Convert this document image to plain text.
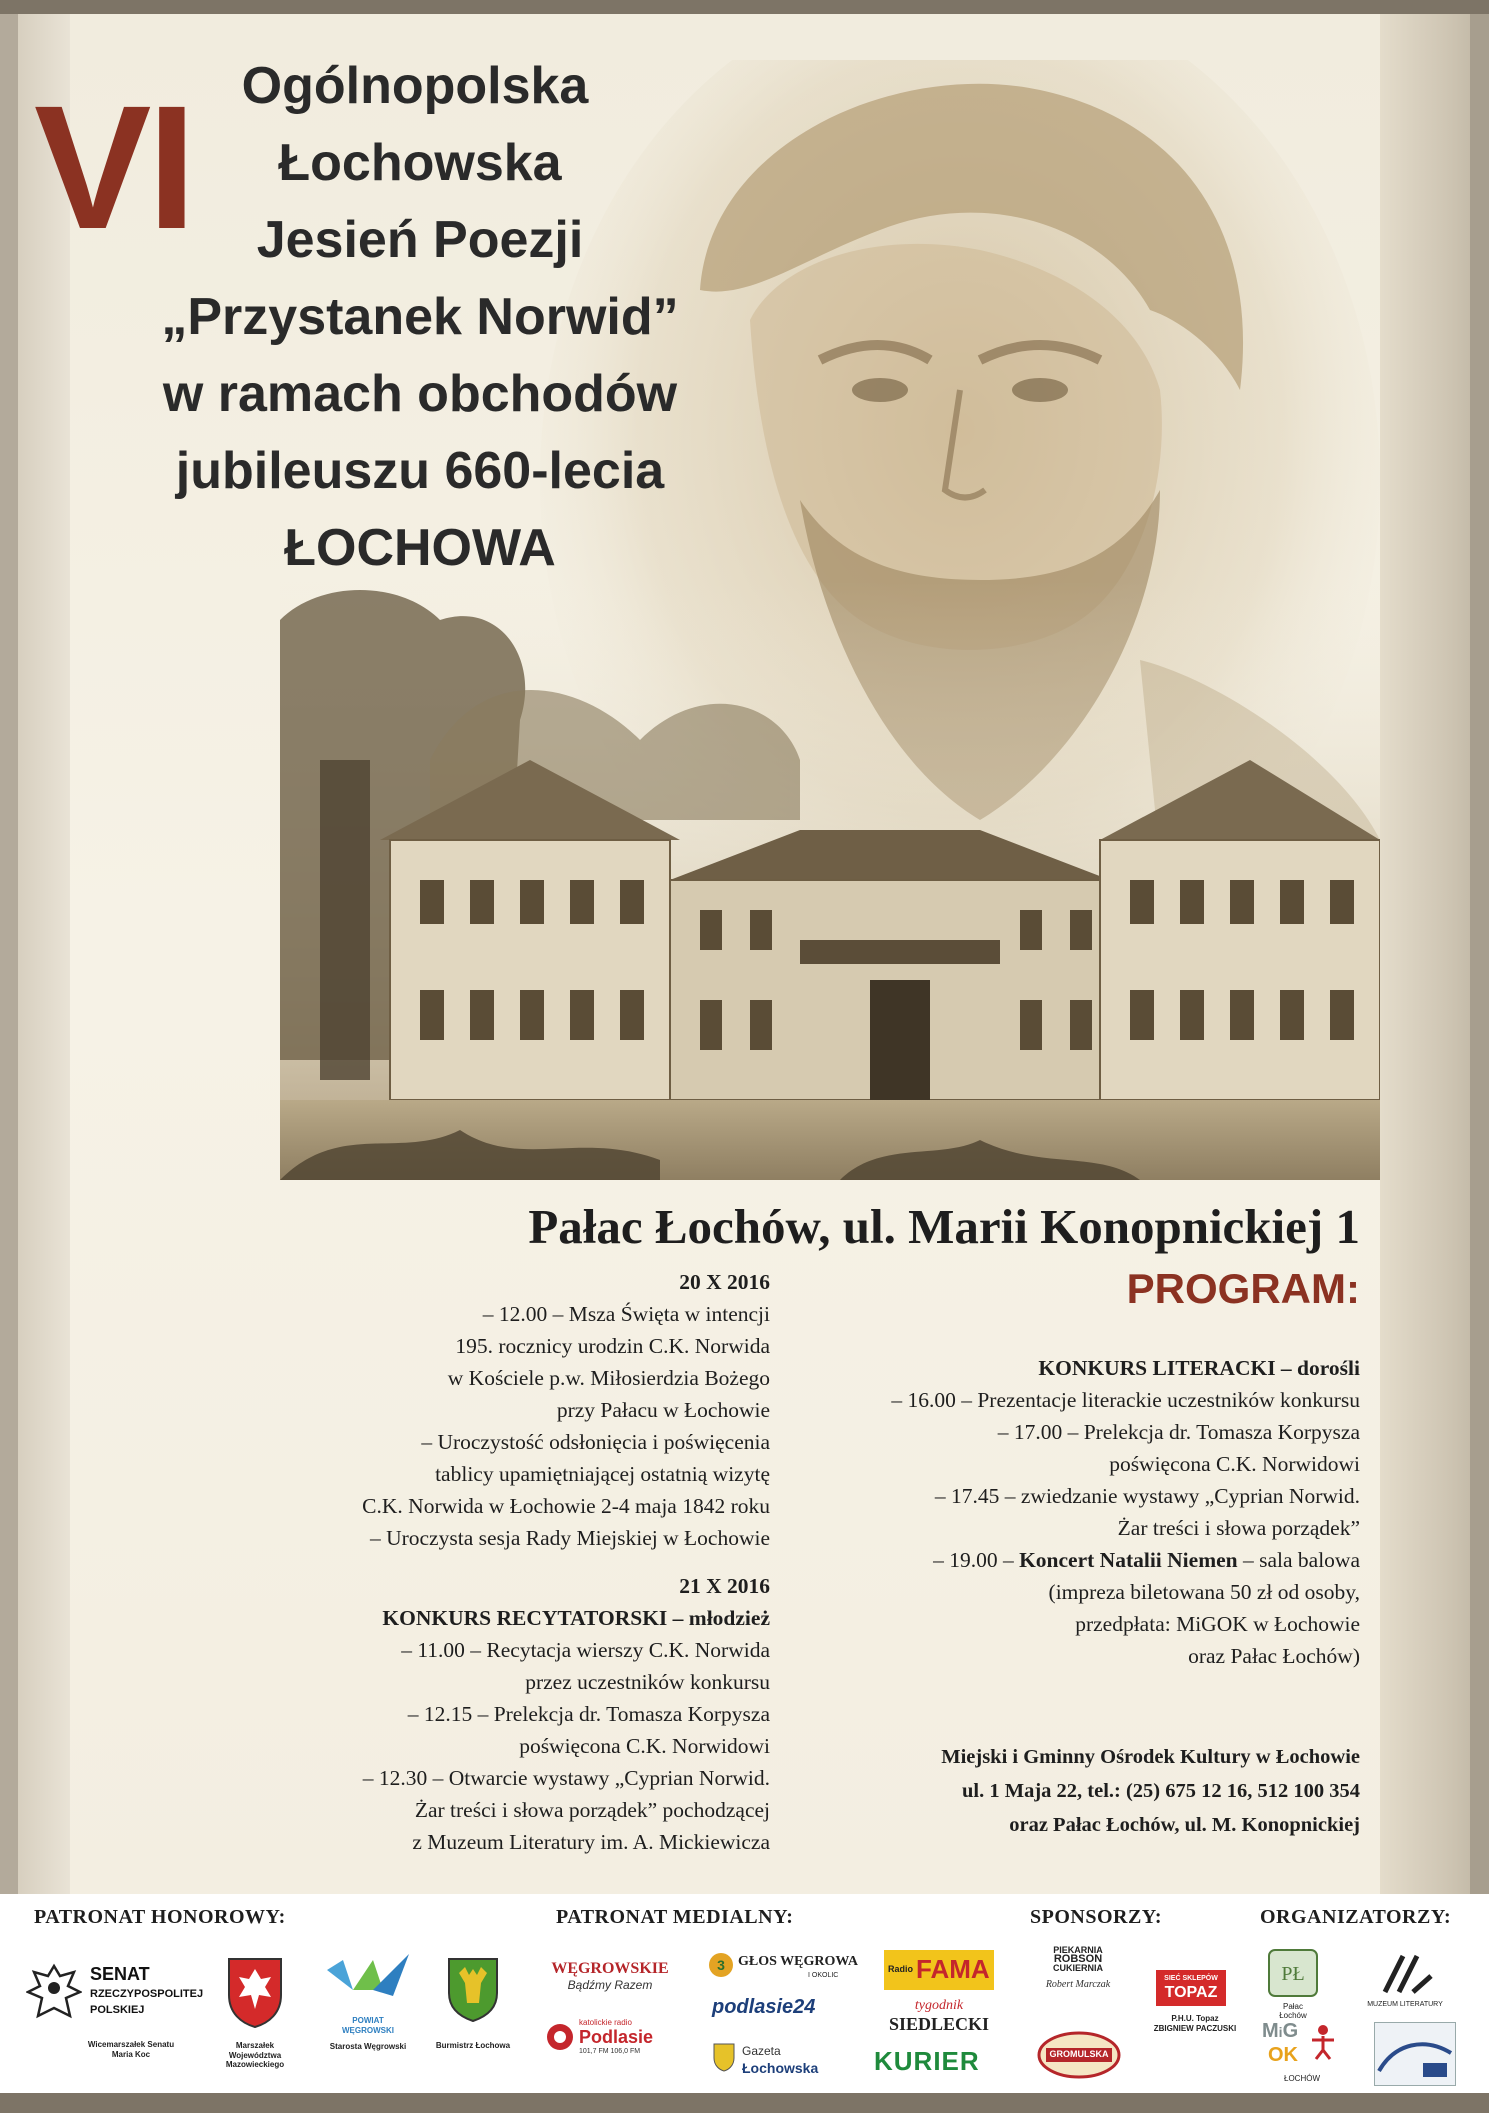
VI Ogólnopolska
Łochowska
Jesień Poezji
„Przystanek Norwid”
w ramach obchodów
jubileuszu 660-lecia
ŁOCHOWA
Pałac Łochów, ul. Marii Konopnickiej 1
PROGRAM:
20 X 2016
– 12.00 – Msza Święta w intencji
195. rocznicy urodzin C.K. Norwida
w Kościele p.w. Miłosierdzia Bożego
przy Pałacu w Łochowie
– Uroczystość odsłonięcia i poświęcenia
tablicy upamiętniającej ostatnią wizytę
C.K. Norwida w Łochowie 2-4 maja 1842 roku
– Uroczysta sesja Rady Miejskiej w Łochowie
21 X 2016
KONKURS RECYTATORSKI – młodzież
– 11.00 – Recytacja wierszy C.K. Norwida
przez uczestników konkursu
– 12.15 – Prelekcja dr. Tomasza Korpysza
poświęcona C.K. Norwidowi
– 12.30 – Otwarcie wystawy „Cyprian Norwid.
Żar treści i słowa porządek” pochodzącej
z Muzeum Literatury im. A. Mickiewicza
KONKURS LITERACKI – dorośli
– 16.00 – Prezentacje literackie uczestników konkursu
– 17.00 – Prelekcja dr. Tomasza Korpysza
poświęcona C.K. Norwidowi
– 17.45 – zwiedzanie wystawy „Cyprian Norwid.
Żar treści i słowa porządek”
– 19.00 – Koncert Natalii Niemen – sala balowa
(impreza biletowana 50 zł od osoby,
przedpłata: MiGOK w Łochowie
oraz Pałac Łochów)
Miejski i Gminny Ośrodek Kultury w Łochowie
ul. 1 Maja 22, tel.: (25) 675 12 16, 512 100 354
oraz Pałac Łochów, ul. M. Konopnickiej
PATRONAT HONOROWY:	PATRONAT MEDIALNY:	SPONSORZY:	ORGANIZATORZY:
SENAT
RZECZYPOSPOLITEJ
POLSKIEJ
Wicemarszałek Senatu
Maria Koc
Marszałek
Województwa Mazowieckiego
POWIAT
WĘGROWSKI
Starosta Węgrowski	Burmistrz Łochowa
WĘGROWSKIE
Bądźmy Razem
katolickie radio
Podlasie
101,7 FM 106,0 FM
3 GŁOS WĘGROWA
I OKOLIC
podlasie24
Gazeta
Łochowska
Radio FAMA
tygodnik
SIEDLECKI
KURIER
PIEKARNIA
ROBSON
CUKIERNIA
Robert Marczak
GROMULSKA
SIEĆ SKLEPÓW
TOPAZ
P.H.U. Topaz
ZBIGNIEW PACZUSKI
PŁ
Pałac
Łochów
MUZEUM LITERATURY
MiG
OK
ŁOCHÓW
